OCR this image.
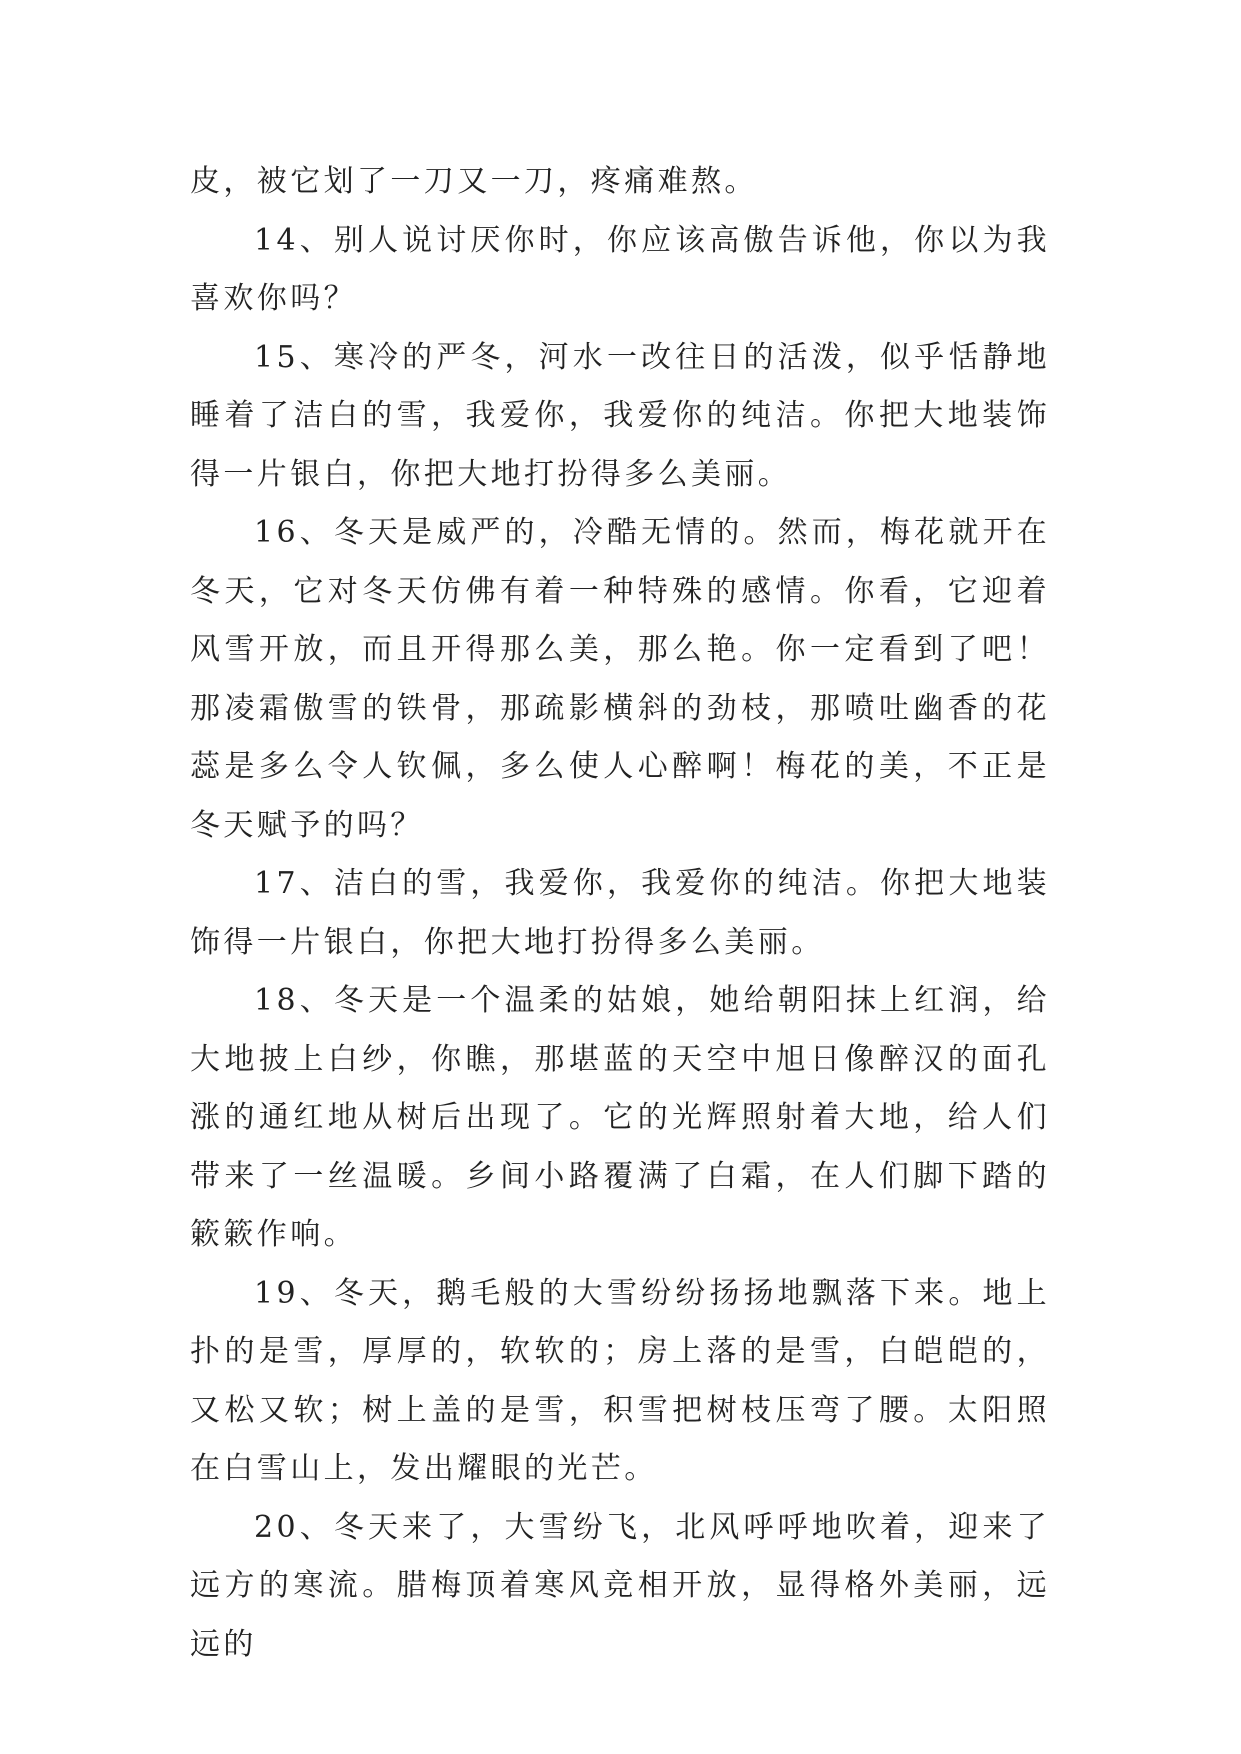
皮，被它划了一刀又一刀，疼痛难熬。

14、别人说讨厌你时，你应该高傲告诉他，你以为我喜欢你吗？

15、寒冷的严冬，河水一改往日的活泼，似乎恬静地睡着了洁白的雪，我爱你，我爱你的纯洁。你把大地装饰得一片银白，你把大地打扮得多么美丽。

16、冬天是威严的，冷酷无情的。然而，梅花就开在冬天，它对冬天仿佛有着一种特殊的感情。你看，它迎着风雪开放，而且开得那么美，那么艳。你一定看到了吧！那凌霜傲雪的铁骨，那疏影横斜的劲枝，那喷吐幽香的花蕊是多么令人钦佩，多么使人心醉啊！梅花的美，不正是冬天赋予的吗？

17、洁白的雪，我爱你，我爱你的纯洁。你把大地装饰得一片银白，你把大地打扮得多么美丽。

18、冬天是一个温柔的姑娘，她给朝阳抹上红润，给大地披上白纱，你瞧，那堪蓝的天空中旭日像醉汉的面孔涨的通红地从树后出现了。它的光辉照射着大地，给人们带来了一丝温暖。乡间小路覆满了白霜，在人们脚下踏的簌簌作响。

19、冬天，鹅毛般的大雪纷纷扬扬地飘落下来。地上扑的是雪，厚厚的，软软的；房上落的是雪，白皑皑的，又松又软；树上盖的是雪，积雪把树枝压弯了腰。太阳照在白雪山上，发出耀眼的光芒。

20、冬天来了，大雪纷飞，北风呼呼地吹着，迎来了远方的寒流。腊梅顶着寒风竞相开放，显得格外美丽，远远的
